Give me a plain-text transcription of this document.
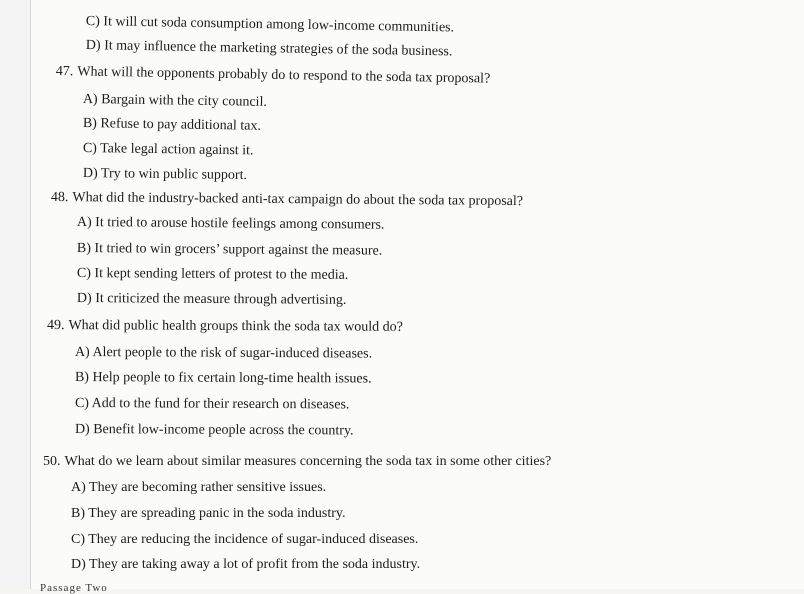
C) It will cut soda consumption among low-income communities.
D) It may influence the marketing strategies of the soda business.
47. What will the opponents probably do to respond to the soda tax proposal?
A) Bargain with the city council.
B) Refuse to pay additional tax.
C) Take legal action against it.
D) Try to win public support.
48. What did the industry-backed anti-tax campaign do about the soda tax proposal?
A) It tried to arouse hostile feelings among consumers.
B) It tried to win grocers’ support against the measure.
C) It kept sending letters of protest to the media.
D) It criticized the measure through advertising.
49. What did public health groups think the soda tax would do?
A) Alert people to the risk of sugar-induced diseases.
B) Help people to fix certain long-time health issues.
C) Add to the fund for their research on diseases.
D) Benefit low-income people across the country.
50. What do we learn about similar measures concerning the soda tax in some other cities?
A) They are becoming rather sensitive issues.
B) They are spreading panic in the soda industry.
C) They are reducing the incidence of sugar-induced diseases.
D) They are taking away a lot of profit from the soda industry.
Passage Two
